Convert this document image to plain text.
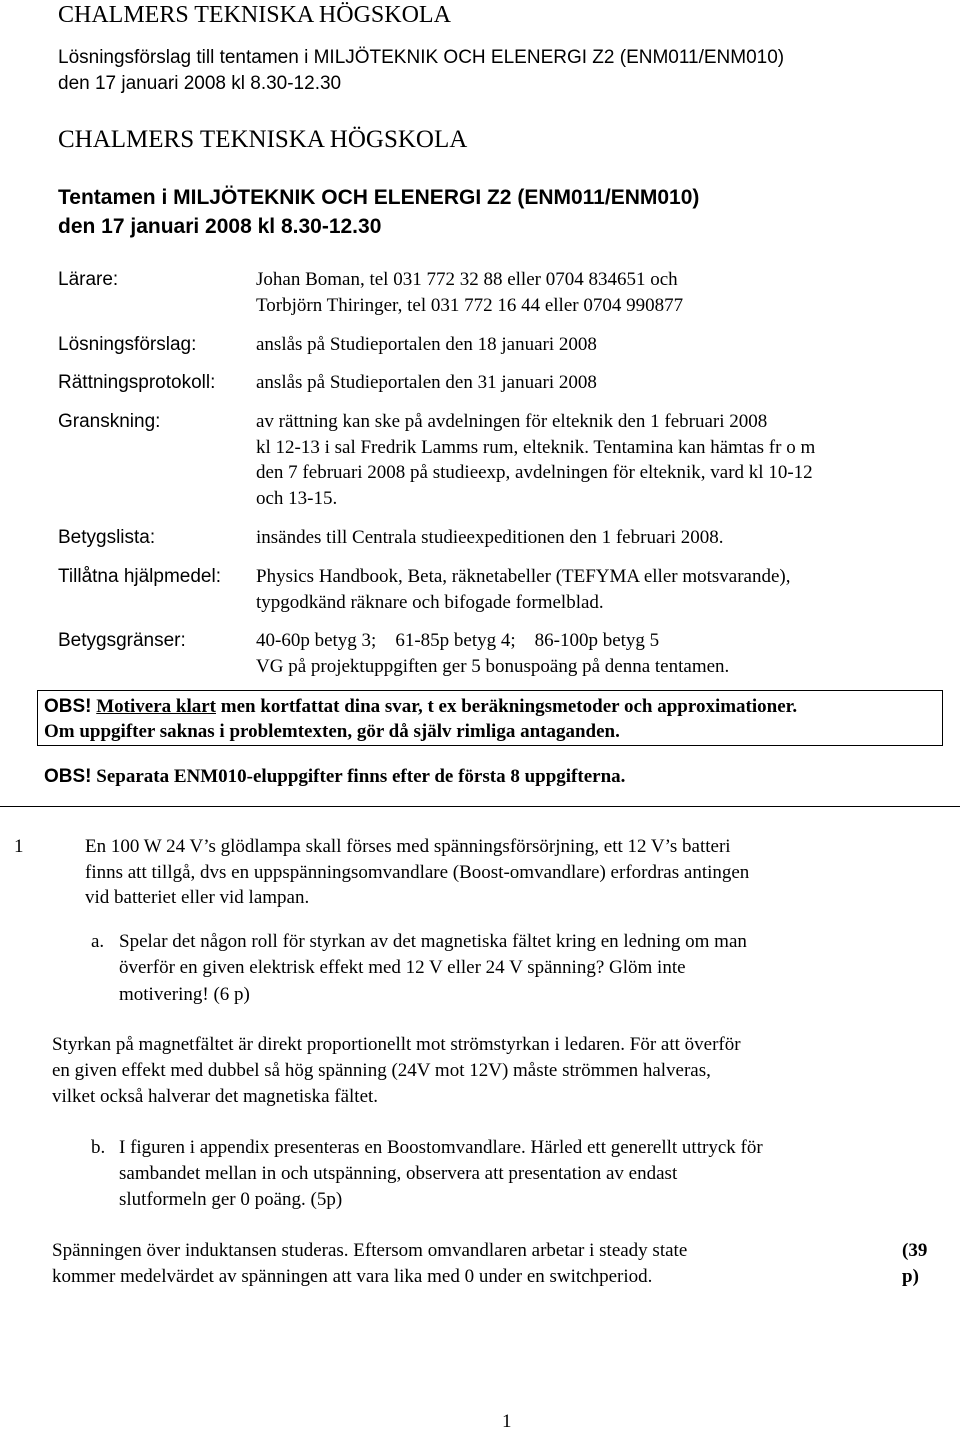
CHALMERS TEKNISKA HÖGSKOLA
Lösningsförslag till tentamen i MILJÖTEKNIK OCH ELENERGI Z2 (ENM011/ENM010)
den 17 januari 2008 kl 8.30-12.30
CHALMERS TEKNISKA HÖGSKOLA
Tentamen i MILJÖTEKNIK OCH ELENERGI Z2 (ENM011/ENM010)
den 17 januari 2008 kl 8.30-12.30
Lärare:	Johan Boman, tel 031 772 32 88 eller 0704 834651 och
Torbjörn Thiringer, tel 031 772 16 44 eller 0704 990877
Lösningsförslag:	anslås på Studieportalen den 18 januari 2008
Rättningsprotokoll: anslås på Studieportalen den 31 januari 2008
Granskning:	av rättning kan ske på avdelningen för elteknik den 1 februari 2008
kl 12-13 i sal Fredrik Lamms rum, elteknik. Tentamina kan hämtas fr o m
den 7 februari 2008 på studieexp, avdelningen för elteknik, vard kl 10-12
och 13-15.
Betygslista:	insändes till Centrala studieexpeditionen den 1 februari 2008.
Tillåtna hjälpmedel: Physics Handbook, Beta, räknetabeller (TEFYMA eller motsvarande),
typgodkänd räknare och bifogade formelblad.
Betygsgränser:	40-60p betyg 3;    61-85p betyg 4;    86-100p betyg 5
VG på projektuppgiften ger 5 bonuspoäng på denna tentamen.
OBS! Motivera klart men kortfattat dina svar, t ex beräkningsmetoder och approximationer.
Om uppgifter saknas i problemtexten, gör då själv rimliga antaganden.
OBS! Separata ENM010-eluppgifter finns efter de första 8 uppgifterna.
1	En 100 W 24 V’s glödlampa skall förses med spänningsförsörjning, ett 12 V’s batteri
finns att tillgå, dvs en uppspänningsomvandlare (Boost-omvandlare) erfordras antingen
vid batteriet eller vid lampan.
a. Spelar det någon roll för styrkan av det magnetiska fältet kring en ledning om man
överför en given elektrisk effekt med 12 V eller 24 V spänning? Glöm inte
motivering! (6 p)
Styrkan på magnetfältet är direkt proportionellt mot strömstyrkan i ledaren. För att överför
en given effekt med dubbel så hög spänning (24V mot 12V) måste strömmen halveras,
vilket också halverar det magnetiska fältet.
b. I figuren i appendix presenteras en Boostomvandlare. Härled ett generellt uttryck för
sambandet mellan in och utspänning, observera att presentation av endast
slutformeln ger 0 poäng. (5p)
Spänningen över induktansen studeras. Eftersom omvandlaren arbetar i steady state
kommer medelvärdet av spänningen att vara lika med 0 under en switchperiod.
(39
p)
1
